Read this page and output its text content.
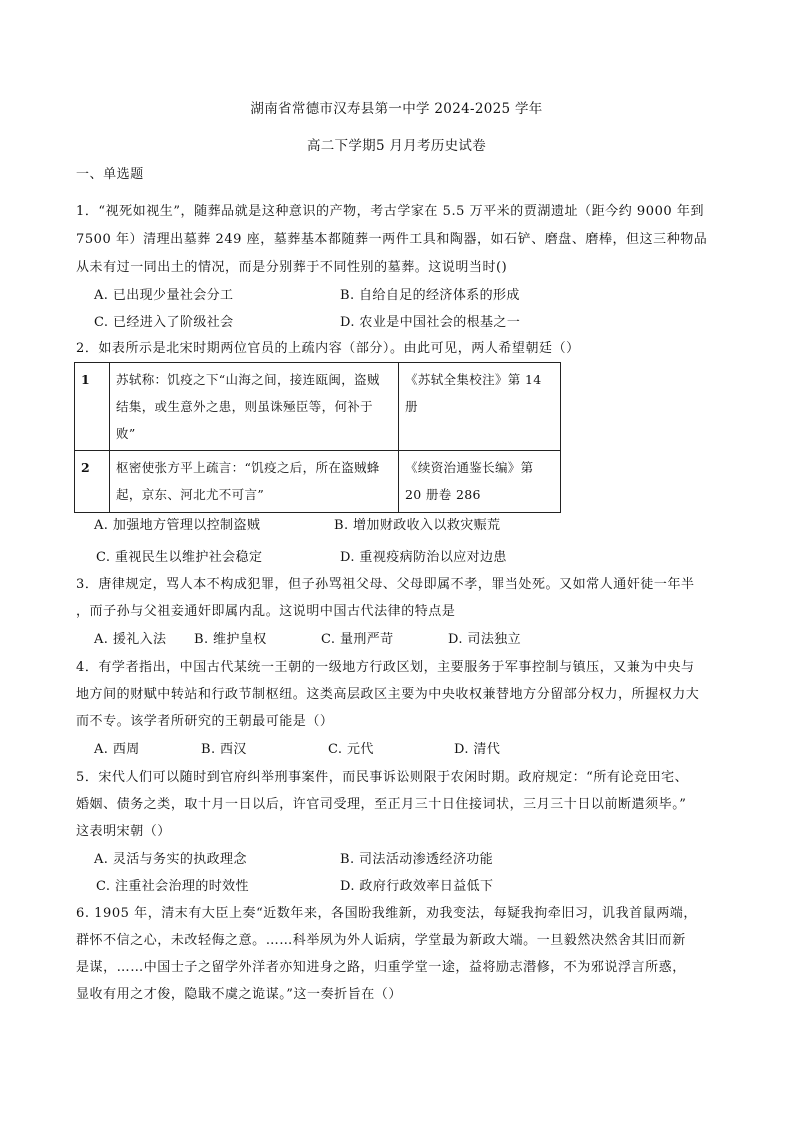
湖南省常德市汉寿县第一中学 2024-2025 学年
高二下学期5 月月考历史试卷
一、单选题
1．“视死如视生”，随葬品就是这种意识的产物，考古学家在 5.5 万平米的贾湖遗址（距今约 9000 年到
7500 年）清理出墓葬 249 座，墓葬基本都随葬一两件工具和陶器，如石铲、磨盘、磨棒，但这三种物品
从未有过一同出土的情况，而是分别葬于不同性别的墓葬。这说明当时()
A. 已出现少量社会分工	B. 自给自足的经济体系的形成
C. 已经进入了阶级社会	D. 农业是中国社会的根基之一
2．如表所示是北宋时期两位官员的上疏内容（部分）。由此可见，两人希望朝廷（）
1	苏轼称：饥疫之下“山海之间，接连瓯闽，盗贼结集，或生意外之患，则虽诛殛臣等，何补于败”	《苏轼全集校注》第 14 册
2	枢密使张方平上疏言：“饥疫之后，所在盗贼蜂起，京东、河北尤不可言”	《续资治通鉴长编》第 20 册卷 286
A. 加强地方管理以控制盗贼	B. 增加财政收入以救灾赈荒
C. 重视民生以维护社会稳定	D. 重视疫病防治以应对边患
3．唐律规定，骂人本不构成犯罪，但子孙骂祖父母、父母即属不孝，罪当处死。又如常人通奸徒一年半
，而子孙与父祖妾通奸即属内乱。这说明中国古代法律的特点是
A. 援礼入法 B. 维护皇权	C. 量刑严苛	D. 司法独立
4．有学者指出，中国古代某统一王朝的一级地方行政区划，主要服务于军事控制与镇压，又兼为中央与
地方间的财赋中转站和行政节制枢纽。这类高层政区主要为中央收权兼替地方分留部分权力，所握权力大
而不专。该学者所研究的王朝最可能是（）
A. 西周	B. 西汉	C. 元代	D. 清代
5．宋代人们可以随时到官府纠举刑事案件，而民事诉讼则限于农闲时期。政府规定：“所有论竞田宅、
婚姻、债务之类，取十月一日以后，许官司受理，至正月三十日住接词状，三月三十日以前断遣须毕。”
这表明宋朝（）
A. 灵活与务实的执政理念	B. 司法活动渗透经济功能
C. 注重社会治理的时效性	D. 政府行政效率日益低下
6. 1905 年，清末有大臣上奏“近数年来，各国盼我维新，劝我变法，每疑我拘牵旧习，讥我首鼠两端，
群怀不信之心，未改轻侮之意。……科举夙为外人诟病，学堂最为新政大端。一旦毅然决然舍其旧而新
是谋，……中国士子之留学外洋者亦知进身之路，归重学堂一途，益将励志潜修，不为邪说浮言所惑，
显收有用之才俊，隐戢不虞之诡谋。”这一奏折旨在（）
